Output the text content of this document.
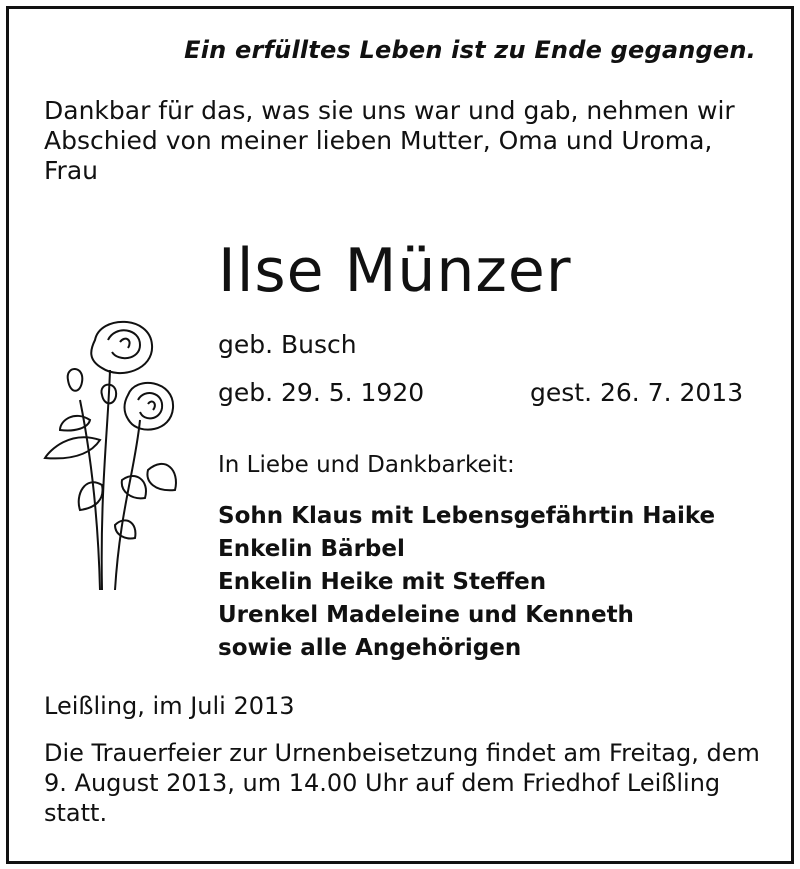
Ein erfülltes Leben ist zu Ende gegangen.
Dankbar für das, was sie uns war und gab, nehmen wir Abschied von meiner lieben Mutter, Oma und Uroma, Frau
Ilse Münzer
geb. Busch
geb. 29. 5. 1920	gest. 26. 7. 2013
In Liebe und Dankbarkeit:
Sohn Klaus mit Lebensgefährtin Haike
Enkelin Bärbel
Enkelin Heike mit Steffen
Urenkel Madeleine und Kenneth
sowie alle Angehörigen
Leißling, im Juli 2013
Die Trauerfeier zur Urnenbeisetzung findet am Freitag, dem 9. August 2013, um 14.00 Uhr auf dem Friedhof Leißling statt.
